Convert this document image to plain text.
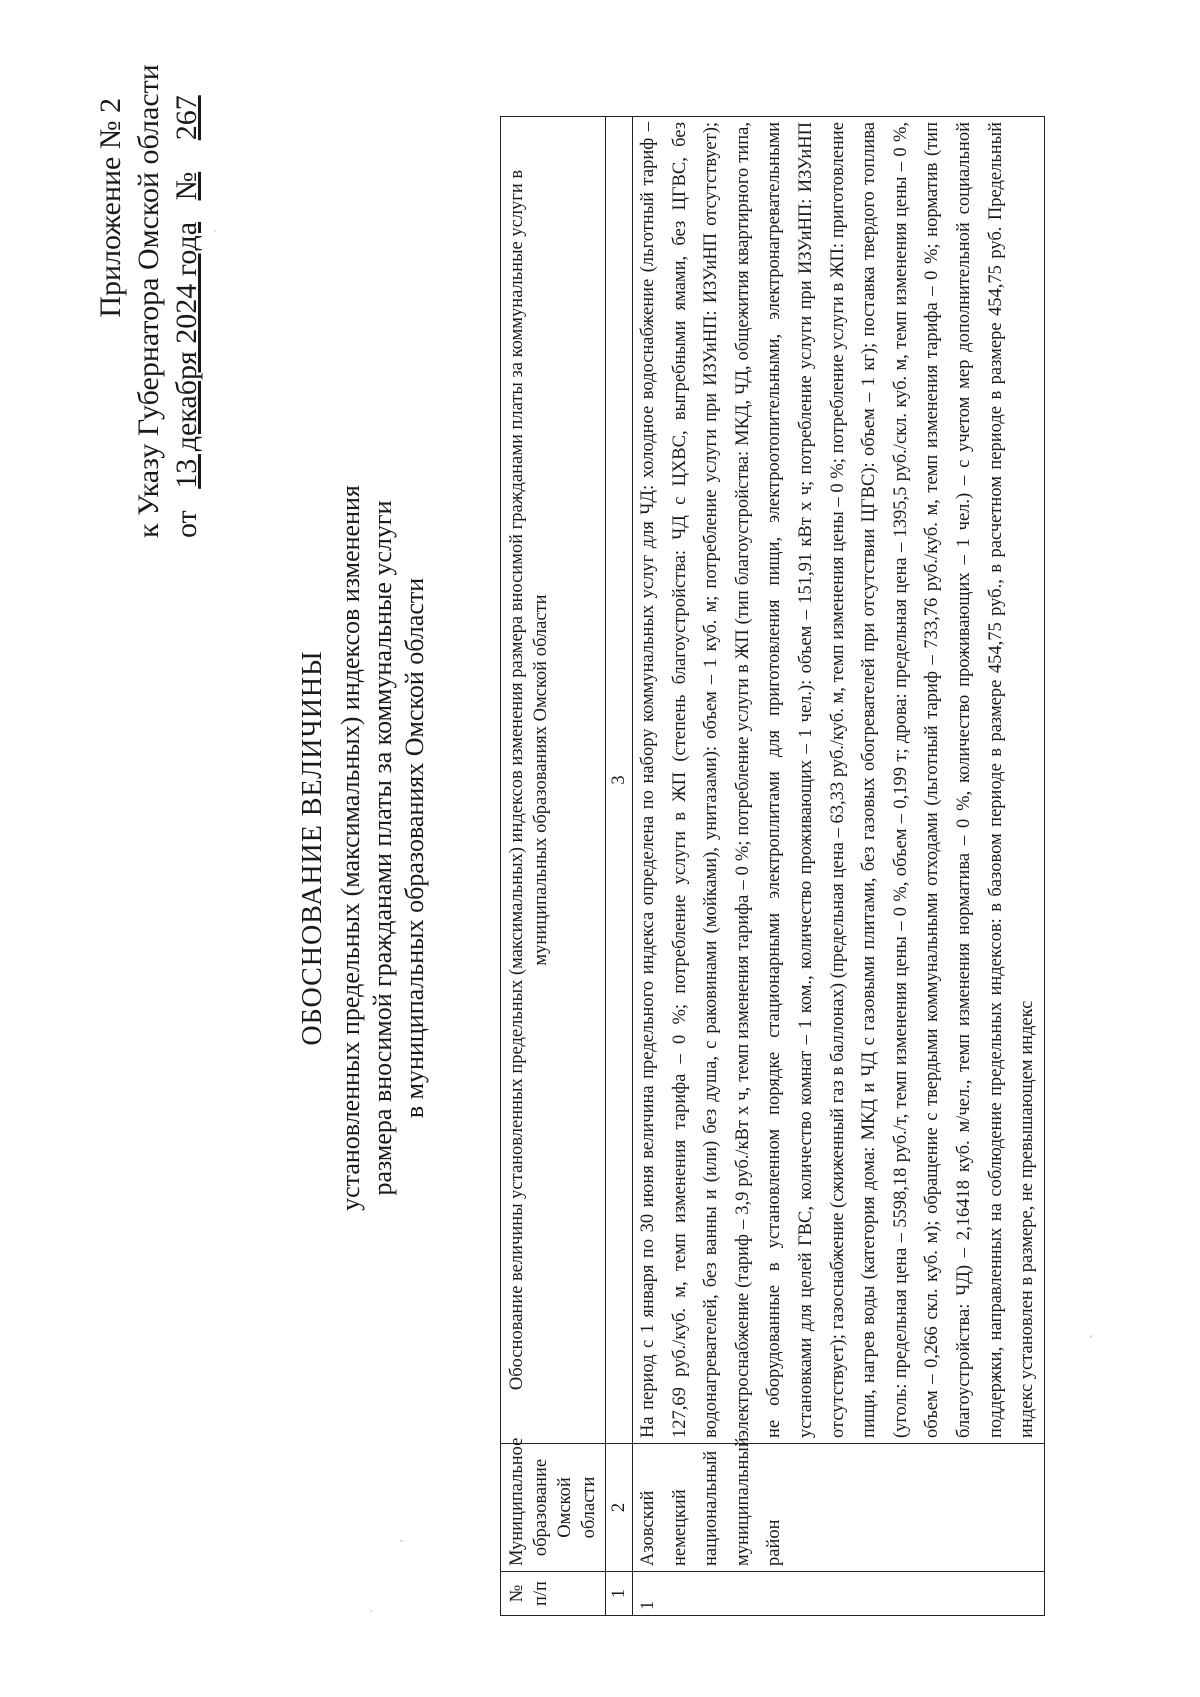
Приложение № 2 к Указу Губернатора Омской области от 13 декабря 2024 года № 267
ОБОСНОВАНИЕ ВЕЛИЧИНЫ установленных предельных (максимальных) индексов изменения размера вносимой гражданами платы за коммунальные услуги в муниципальных образованиях Омской области
№ п/п	Муниципальное образование Омской области	Обоснование величины установленных предельных (максимальных) индексов изменения размера вносимой гражданами платы за коммунальные услуги в муниципальных образованиях Омской области
1	2	3
1	Азовский немецкий национальный муниципальный район	На период с 1 января по 30 июня величина предельного индекса определена по набору коммунальных услуг для ЧД: холодное водоснабжение (льготный тариф – 127,69 руб./куб. м, темп изменения тарифа – 0 %; потребление услуги в ЖП (степень благоустройства: ЧД с ЦХВС, выгребными ямами, без ЦГВС, без водонагревателей, без ванны и (или) без душа, с раковинами (мойками), унитазами): объем – 1 куб. м; потребление услуги при ИЗУиНП: ИЗУиНП отсутствует); электроснабжение (тариф – 3,9 руб./кВт х ч, темп изменения тарифа – 0 %; потребление услуги в ЖП (тип благоустройства: МКД, ЧД, общежития квартирного типа, не оборудованные в установленном порядке стационарными электроплитами для приготовления пищи, электроотопительными, электронагревательными установками для целей ГВС, количество комнат – 1 ком., количество проживающих – 1 чел.): объем – 151,91 кВт х ч; потребление услуги при ИЗУиНП: ИЗУиНП отсутствует); газоснабжение (сжиженный газ в баллонах) (предельная цена – 63,33 руб./куб. м, темп изменения цены – 0 %; потребление услуги в ЖП: приготовление пищи, нагрев воды (категория дома: МКД и ЧД с газовыми плитами, без газовых обогревателей при отсутствии ЦГВС): объем – 1 кг); поставка твердого топлива (уголь: предельная цена – 5598,18 руб./т, темп изменения цены – 0 %, объем – 0,199 т; дрова: предельная цена – 1395,5 руб./скл. куб. м, темп изменения цены – 0 %, объем – 0,266 скл. куб. м); обращение с твердыми коммунальными отходами (льготный тариф – 733,76 руб./куб. м, темп изменения тарифа – 0 %; норматив (тип благоустройства: ЧД) – 2,16418 куб. м/чел., темп изменения норматива – 0 %, количество проживающих – 1 чел.) – с учетом мер дополнительной социальной поддержки, направленных на соблюдение предельных индексов: в базовом периоде в размере 454,75 руб., в расчетном периоде в размере 454,75 руб. Предельный индекс установлен в размере, не превышающем индекс
